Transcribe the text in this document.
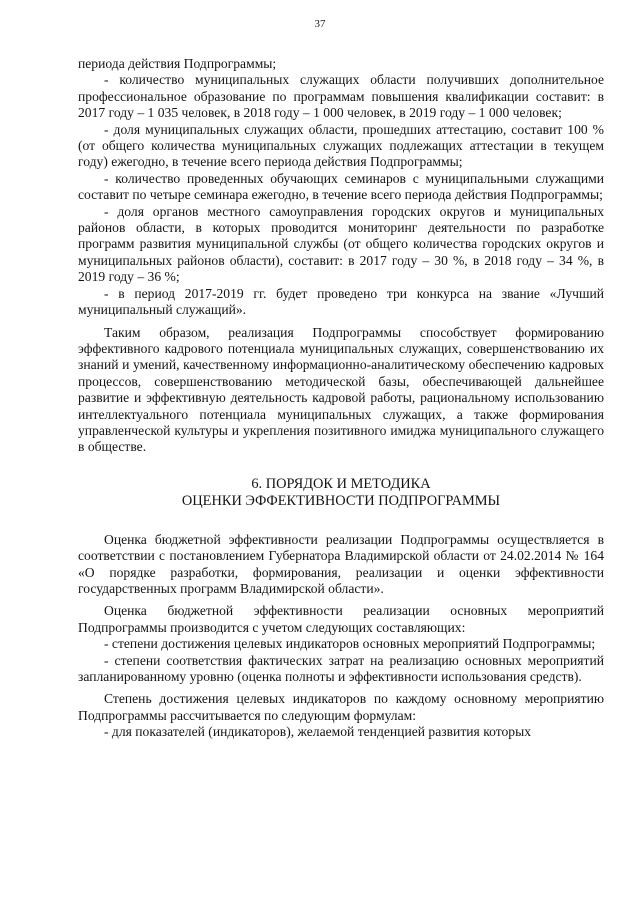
37

периода действия Подпрограммы;

- количество муниципальных служащих области получивших дополнительное профессиональное образование по программам повышения квалификации составит: в 2017 году – 1 035 человек, в 2018 году – 1 000 человек, в 2019 году – 1 000 человек;

- доля муниципальных служащих области, прошедших аттестацию, составит 100 % (от общего количества муниципальных служащих подлежащих аттестации в текущем году) ежегодно, в течение всего периода действия Подпрограммы;

- количество проведенных обучающих семинаров с муниципальными служащими составит по четыре семинара ежегодно, в течение всего периода действия Подпрограммы;

- доля органов местного самоуправления городских округов и муниципальных районов области, в которых проводится мониторинг деятельности по разработке программ развития муниципальной службы (от общего количества городских округов и муниципальных районов области), составит: в 2017 году – 30 %, в 2018 году – 34 %, в 2019 году – 36 %;

- в период 2017-2019 гг. будет проведено три конкурса на звание «Лучший муниципальный служащий».

Таким образом, реализация Подпрограммы способствует формированию эффективного кадрового потенциала муниципальных служащих, совершенствованию их знаний и умений, качественному информационно-аналитическому обеспечению кадровых процессов, совершенствованию методической базы, обеспечивающей дальнейшее развитие и эффективную деятельность кадровой работы, рациональному использованию интеллектуального потенциала муниципальных служащих, а также формирования управленческой культуры и укрепления позитивного имиджа муниципального служащего в обществе.

6. ПОРЯДОК И МЕТОДИКА
ОЦЕНКИ ЭФФЕКТИВНОСТИ ПОДПРОГРАММЫ

Оценка бюджетной эффективности реализации Подпрограммы осуществляется в соответствии с постановлением Губернатора Владимирской области от 24.02.2014 № 164 «О порядке разработки, формирования, реализации и оценки эффективности государственных программ Владимирской области».

Оценка бюджетной эффективности реализации основных мероприятий Подпрограммы производится с учетом следующих составляющих:

- степени достижения целевых индикаторов основных мероприятий Подпрограммы;

- степени соответствия фактических затрат на реализацию основных мероприятий запланированному уровню (оценка полноты и эффективности использования средств).

Степень достижения целевых индикаторов по каждому основному мероприятию Подпрограммы рассчитывается по следующим формулам:

- для показателей (индикаторов), желаемой тенденцией развития которых
